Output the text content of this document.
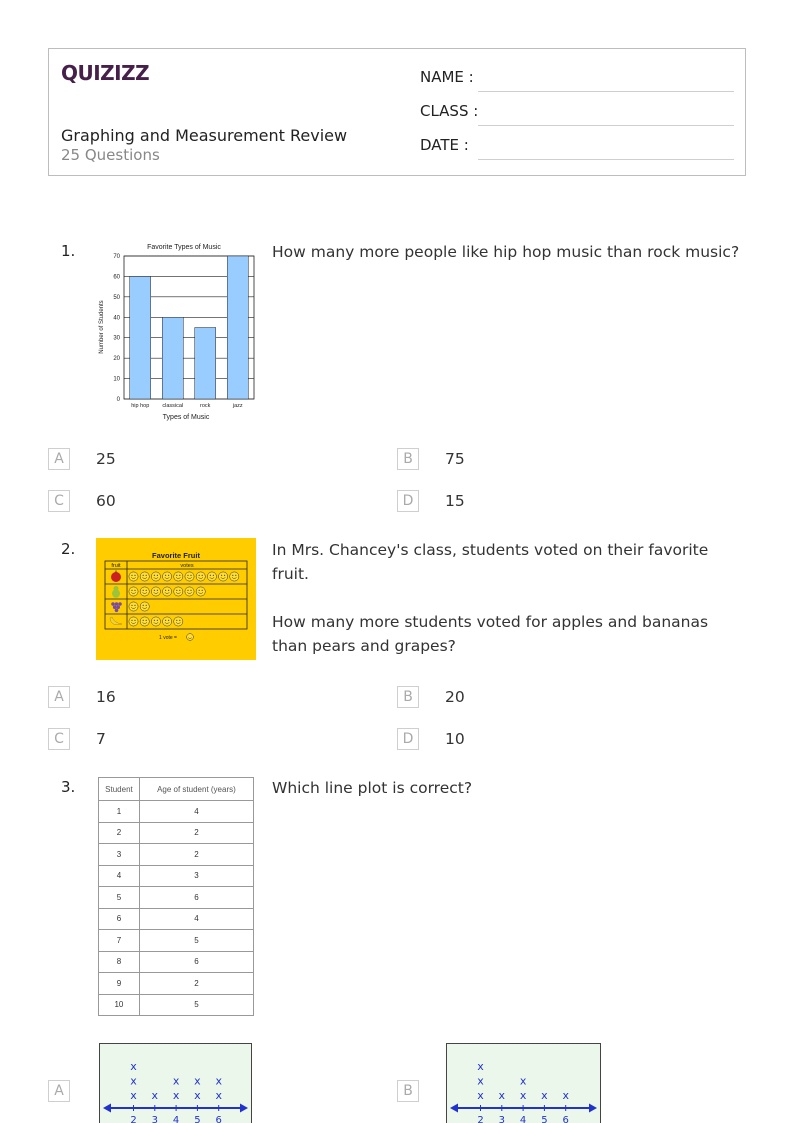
QUIZIZZ
Graphing and Measurement Review
25 Questions
NAME :
CLASS :
DATE :
1.	Favorite Types of Music
Types of Music
Number of Students
0
10
20
30
40
50
60
70
hip hop classical	rock	jazz

How many more people like hip hop music than rock music?

A	25	B	75
C	60	D	15
2.	Favorite Fruit
fruit	votes
1 vote =

In Mrs. Chancey's class, students voted on their favorite fruit.

How many more students voted for apples and bananas than pears and grapes?

A	16	B	20
C	7	D	10
3.	Student	Age of student (years)
1	4
2	2
3	2
4	3
5	6
6	4
7	5
8	6
9	2
10	5

Which line plot is correct?

A
2
x
x
x
3
x
4
x
x
5
x
x
6
x
x
B
2
x
x
x
3
x
4
x
x
5
x
6
x
